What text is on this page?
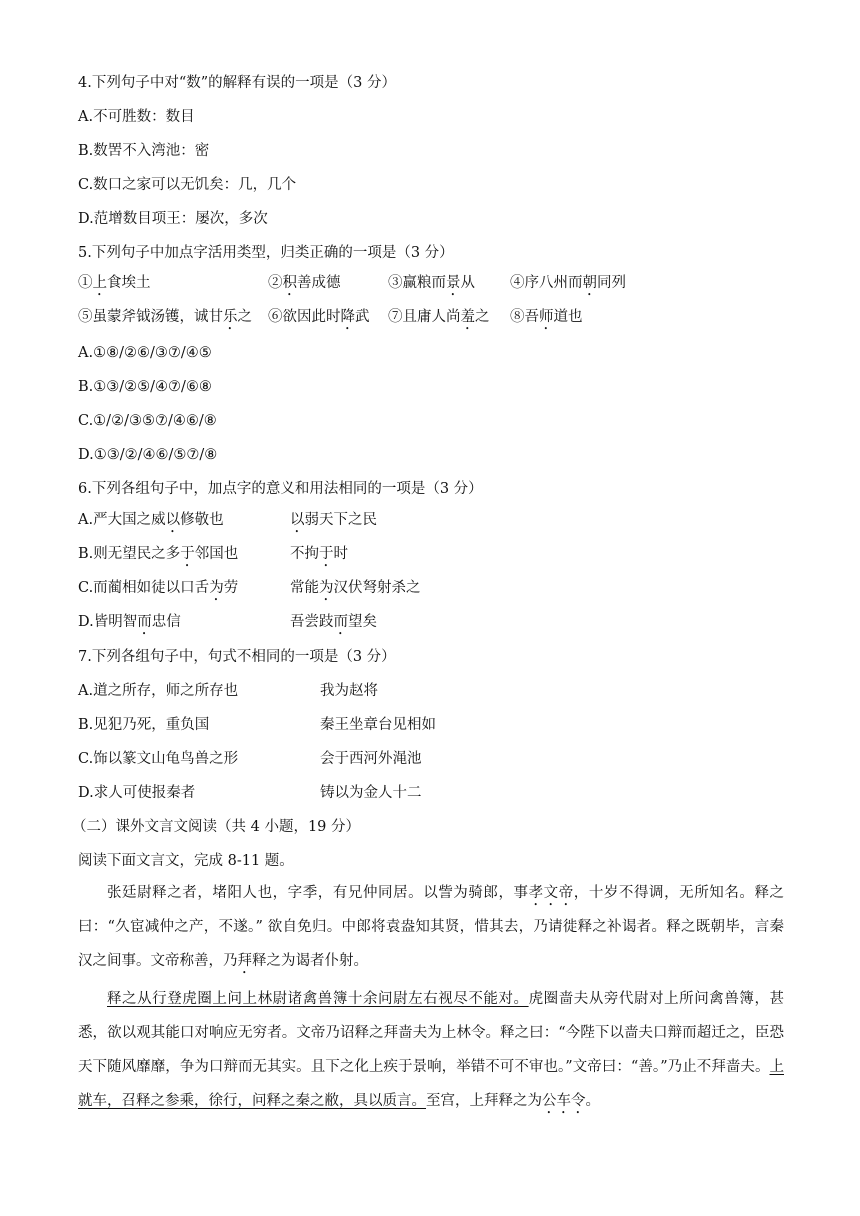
4.下列句子中对“数”的解释有误的一项是（3 分）
A.不可胜数：数目
B.数罟不入湾池：密
C.数口之家可以无饥矣：几，几个
D.范增数目项王：屡次，多次
5.下列句子中加点字活用类型，归类正确的一项是（3 分）
①上食埃土	②积善成德	③赢粮而景从 ④序八州而朝同列
⑤虽蒙斧钺汤镬，诚甘乐之 ⑥欲因此时降武 ⑦且庸人尚羞之 ⑧吾师道也
A.①⑧/②⑥/③⑦/④⑤
B.①③/②⑤/④⑦/⑥⑧
C.①/②/③⑤⑦/④⑥/⑧
D.①③/②/④⑥/⑤⑦/⑧
6.下列各组句子中，加点字的意义和用法相同的一项是（3 分）
A.严大国之威以修敬也	以弱天下之民
B.则无望民之多于邻国也	不拘于时
C.而蔺相如徒以口舌为劳	常能为汉伏弩射杀之
D.皆明智而忠信	吾尝跂而望矣
7.下列各组句子中，句式不相同的一项是（3 分）
A.道之所存，师之所存也	我为赵将
B.见犯乃死，重负国	秦王坐章台见相如
C.饰以篆文山龟鸟兽之形	会于西河外渑池
D.求人可使报秦者	铸以为金人十二
（二）课外文言文阅读（共 4 小题，19 分）
阅读下面文言文，完成 8-11 题。
张廷尉释之者，堵阳人也，字季，有兄仲同居。以訾为骑郎，事孝文帝，十岁不得调，无所知名。释之曰：“久宦减仲之产，不遂。” 欲自免归。中郎将袁盎知其贤，惜其去，乃请徙释之补谒者。释之既朝毕，言秦汉之间事。文帝称善，乃拜释之为谒者仆射。
释之从行登虎圈上问上林尉诸禽兽簿十余问尉左右视尽不能对。虎圈啬夫从旁代尉对上所问禽兽簿，甚悉，欲以观其能口对响应无穷者。文帝乃诏释之拜啬夫为上林令。释之曰：“今陛下以啬夫口辩而超迁之，臣恐天下随风靡靡，争为口辩而无其实。且下之化上疾于景响，举错不可不审也。”文帝曰：“善。”乃止不拜啬夫。上就车，召释之参乘，徐行，问释之秦之敝，具以质言。至宫，上拜释之为公车令。
